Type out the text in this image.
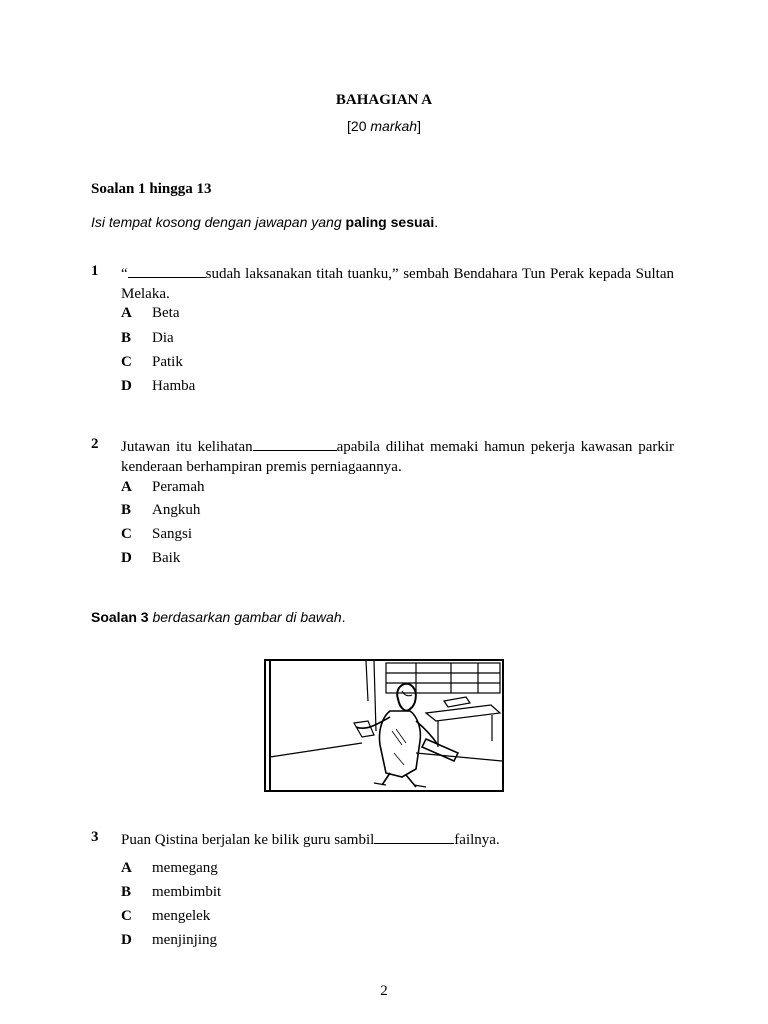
BAHAGIAN A
[20 markah]
Soalan 1 hingga 13
Isi tempat kosong dengan jawapan yang paling sesuai.
1 “	sudah laksanakan titah tuanku,” sembah Bendahara Tun Perak kepada Sultan Melaka.
A Beta
B Dia
C Patik
D Hamba
2 Jutawan itu kelihatan	apabila dilihat memaki hamun pekerja kawasan parkir kenderaan berhampiran premis perniagaannya.
A Peramah
B Angkuh
C Sangsi
D Baik
Soalan 3 berdasarkan gambar di bawah.
3 Puan Qistina berjalan ke bilik guru sambil	failnya.
A memegang
B membimbit
C mengelek
D menjinjing
2
